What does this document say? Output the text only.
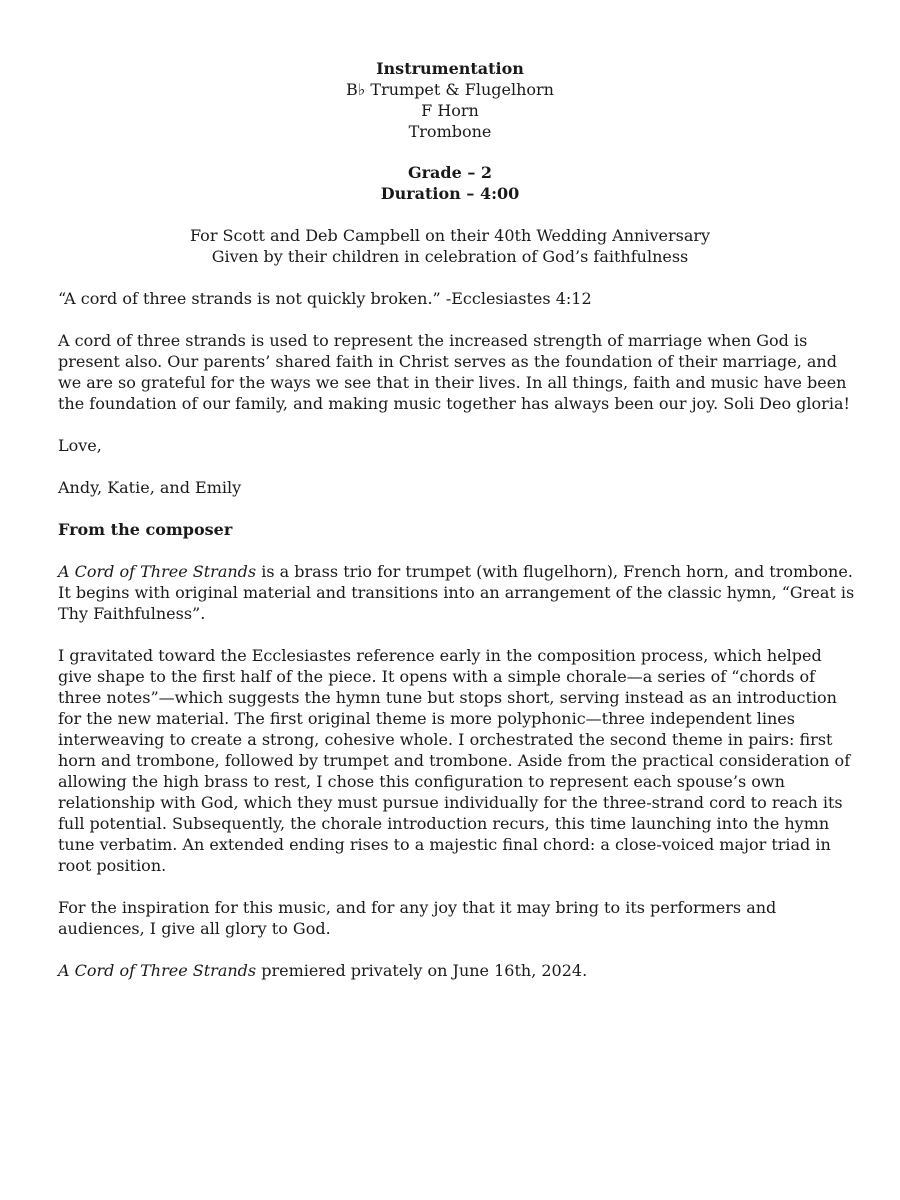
Instrumentation
B♭ Trumpet & Flugelhorn
F Horn
Trombone
Grade – 2
Duration – 4:00
For Scott and Deb Campbell on their 40th Wedding Anniversary
Given by their children in celebration of God’s faithfulness

“A cord of three strands is not quickly broken.” -Ecclesiastes 4:12

A cord of three strands is used to represent the increased strength of marriage when God is present also. Our parents’ shared faith in Christ serves as the foundation of their marriage, and we are so grateful for the ways we see that in their lives. In all things, faith and music have been the foundation of our family, and making music together has always been our joy. Soli Deo gloria!

Love,

Andy, Katie, and Emily

From the composer

A Cord of Three Strands is a brass trio for trumpet (with flugelhorn), French horn, and trombone. It begins with original material and transitions into an arrangement of the classic hymn, “Great is Thy Faithfulness”.

I gravitated toward the Ecclesiastes reference early in the composition process, which helped give shape to the first half of the piece. It opens with a simple chorale—a series of “chords of three notes”—which suggests the hymn tune but stops short, serving instead as an introduction for the new material. The first original theme is more polyphonic—three independent lines interweaving to create a strong, cohesive whole. I orchestrated the second theme in pairs: first horn and trombone, followed by trumpet and trombone. Aside from the practical consideration of allowing the high brass to rest, I chose this configuration to represent each spouse’s own relationship with God, which they must pursue individually for the three-strand cord to reach its full potential. Subsequently, the chorale introduction recurs, this time launching into the hymn tune verbatim. An extended ending rises to a majestic final chord: a close-voiced major triad in root position.

For the inspiration for this music, and for any joy that it may bring to its performers and audiences, I give all glory to God.

A Cord of Three Strands premiered privately on June 16th, 2024.
